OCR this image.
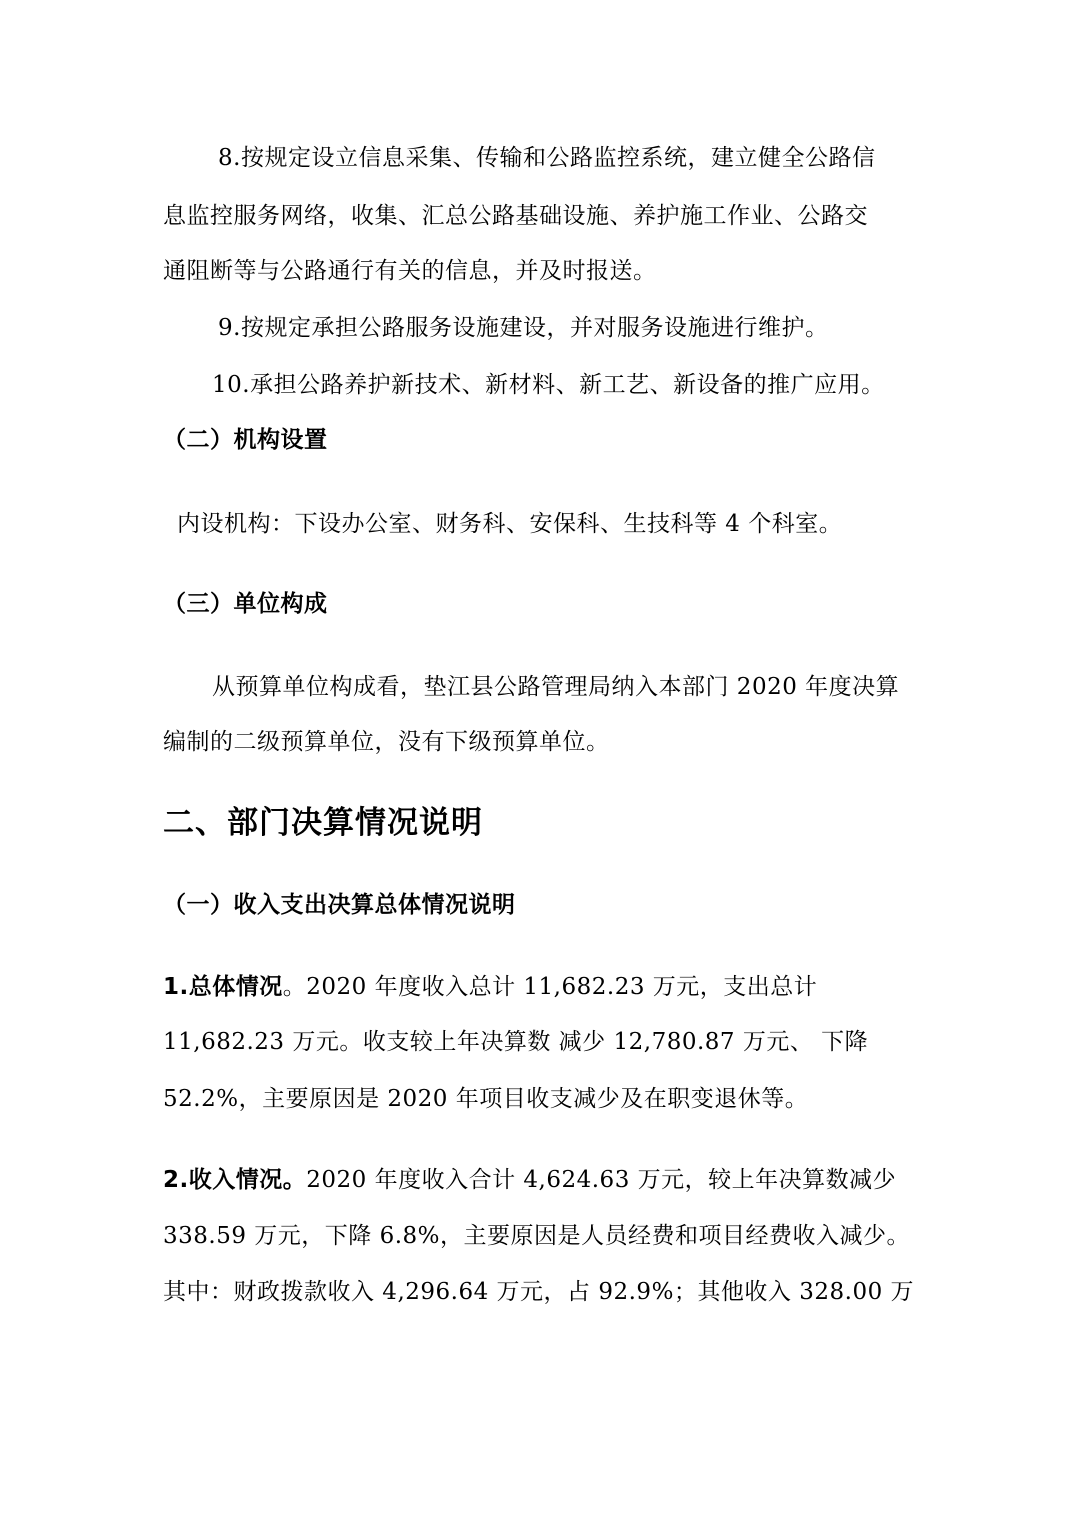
8.按规定设立信息采集、传输和公路监控系统，建立健全公路信
息监控服务网络，收集、汇总公路基础设施、养护施工作业、公路交
通阻断等与公路通行有关的信息，并及时报送。
9.按规定承担公路服务设施建设，并对服务设施进行维护。
10.承担公路养护新技术、新材料、新工艺、新设备的推广应用。
（二）机构设置
内设机构：下设办公室、财务科、安保科、生技科等 4 个科室。
（三）单位构成
从预算单位构成看，垫江县公路管理局纳入本部门 2020 年度决算
编制的二级预算单位，没有下级预算单位。
二、部门决算情况说明
（一）收入支出决算总体情况说明
1.总体情况。2020 年度收入总计 11,682.23 万元，支出总计
11,682.23 万元。收支较上年决算数 减少 12,780.87 万元、 下降
52.2%，主要原因是 2020 年项目收支减少及在职变退休等。
2.收入情况。2020 年度收入合计 4,624.63 万元，较上年决算数减少
338.59 万元，下降 6.8%，主要原因是人员经费和项目经费收入减少。
其中：财政拨款收入 4,296.64 万元，占 92.9%；其他收入 328.00 万
